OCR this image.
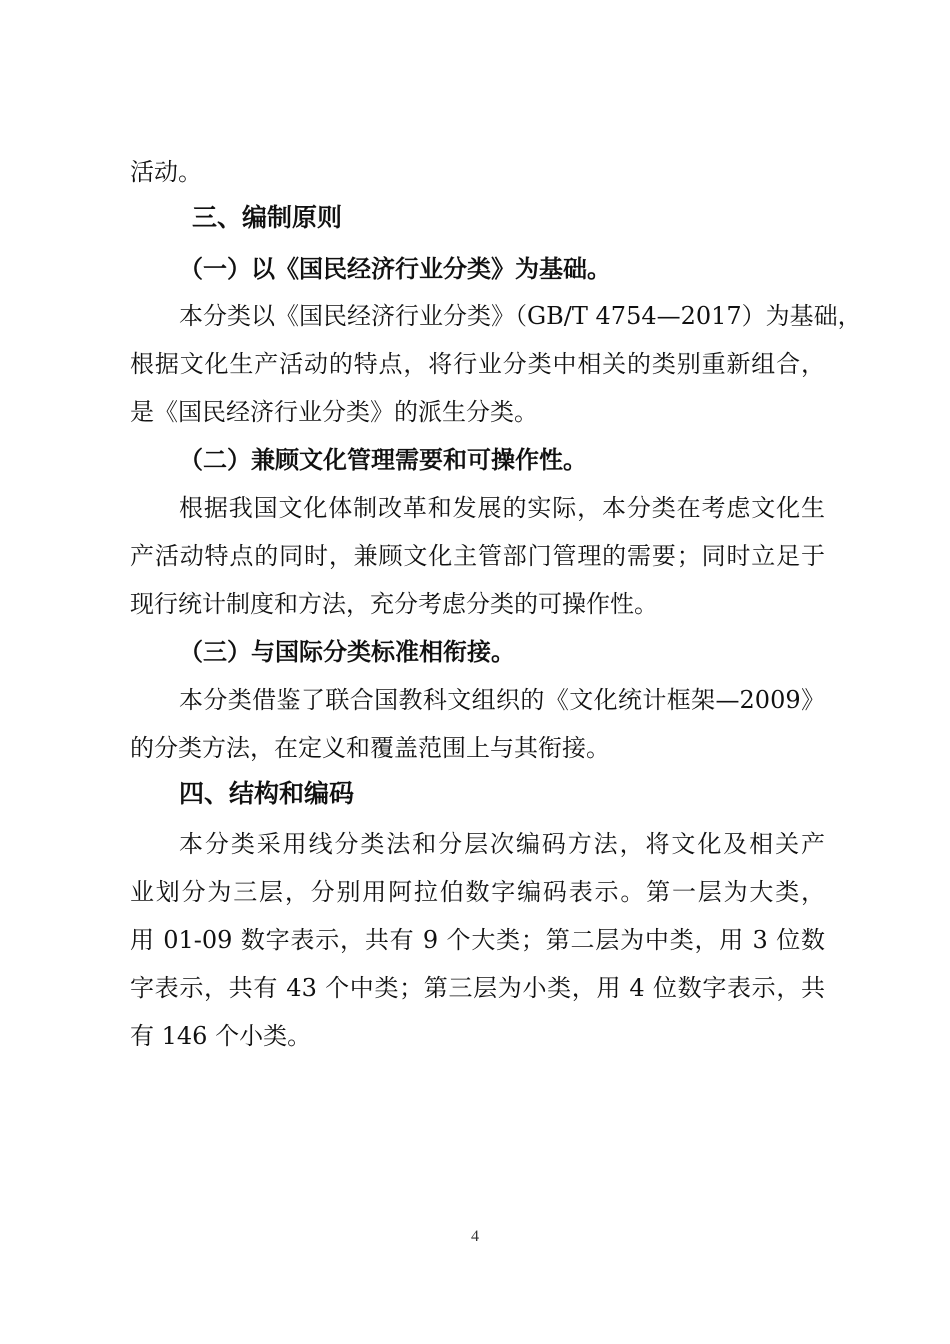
活动。
三、编制原则
（一）以《国民经济行业分类》为基础。
本分类以《国民经济行业分类》（GB/T 4754—2017）为基础，
根据文化生产活动的特点，将行业分类中相关的类别重新组合，
是《国民经济行业分类》的派生分类。
（二）兼顾文化管理需要和可操作性。
根据我国文化体制改革和发展的实际，本分类在考虑文化生
产活动特点的同时，兼顾文化主管部门管理的需要；同时立足于
现行统计制度和方法，充分考虑分类的可操作性。
（三）与国际分类标准相衔接。
本分类借鉴了联合国教科文组织的《文化统计框架—2009》
的分类方法，在定义和覆盖范围上与其衔接。
四、结构和编码
本分类采用线分类法和分层次编码方法，将文化及相关产
业划分为三层，分别用阿拉伯数字编码表示。第一层为大类，
用 01-09 数字表示，共有 9 个大类；第二层为中类，用 3 位数
字表示，共有 43 个中类；第三层为小类，用 4 位数字表示，共
有 146 个小类。
4
